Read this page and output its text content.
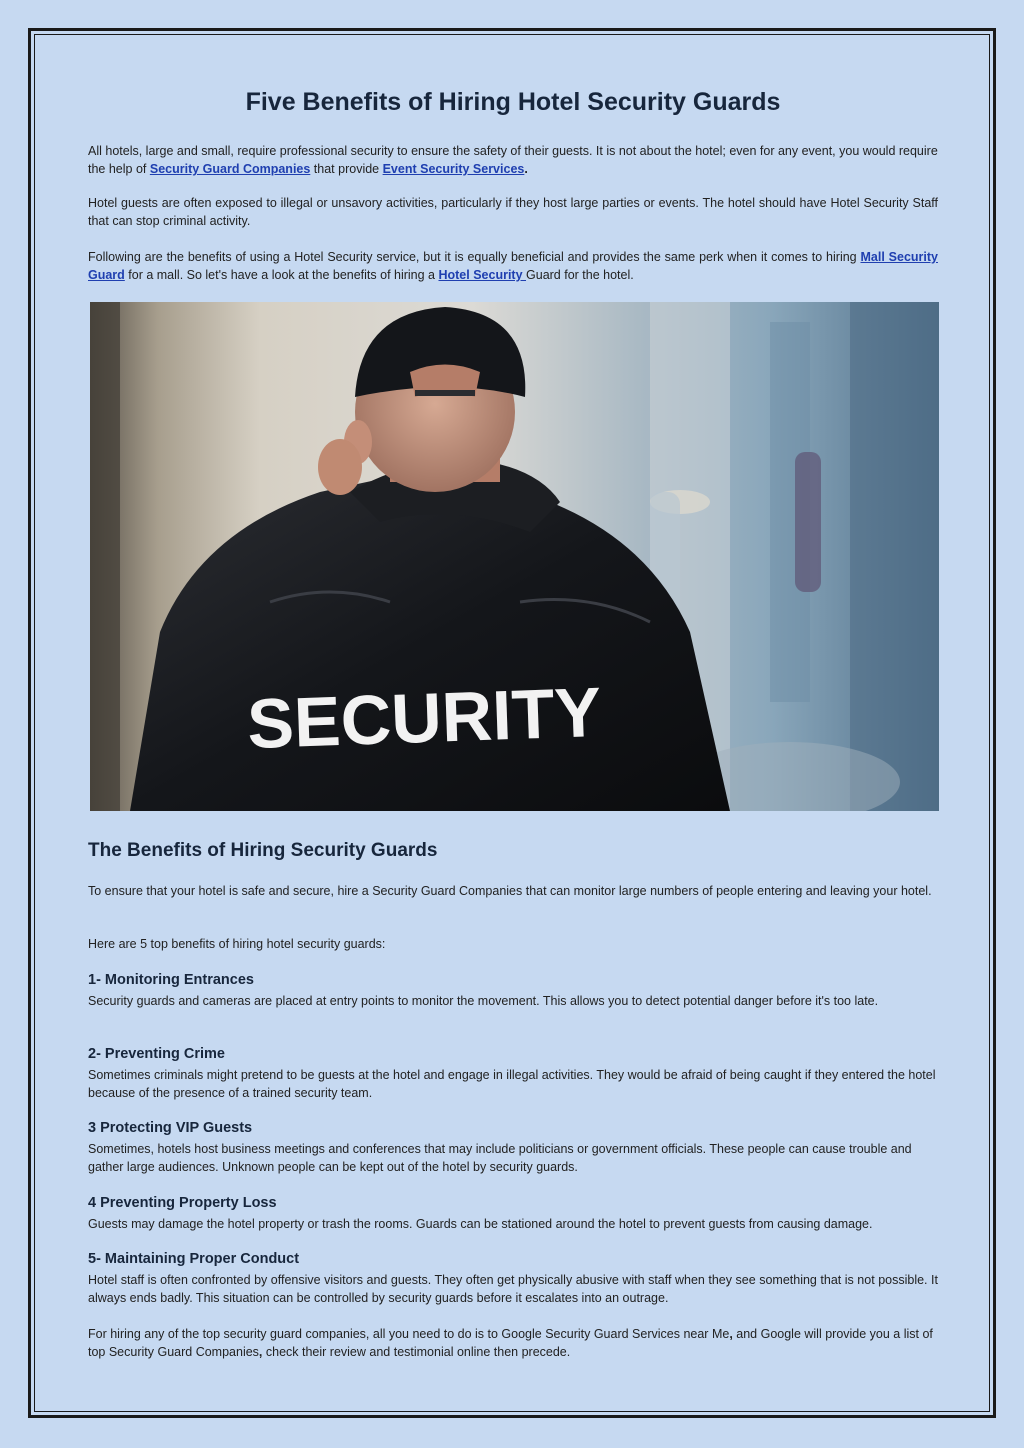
Five Benefits of Hiring Hotel Security Guards

All hotels, large and small, require professional security to ensure the safety of their guests. It is not about the hotel; even for any event, you would require the help of Security Guard Companies that provide Event Security Services.

Hotel guests are often exposed to illegal or unsavory activities, particularly if they host large parties or events. The hotel should have Hotel Security Staff that can stop criminal activity.

Following are the benefits of using a Hotel Security service, but it is equally beneficial and provides the same perk when it comes to hiring Mall Security Guard for a mall. So let's have a look at the benefits of hiring a Hotel Security Guard for the hotel.

The Benefits of Hiring Security Guards

To ensure that your hotel is safe and secure, hire a Security Guard Companies that can monitor large numbers of people entering and leaving your hotel.

Here are 5 top benefits of hiring hotel security guards:

1- Monitoring Entrances

Security guards and cameras are placed at entry points to monitor the movement. This allows you to detect potential danger before it's too late.

2- Preventing Crime

Sometimes criminals might pretend to be guests at the hotel and engage in illegal activities. They would be afraid of being caught if they entered the hotel because of the presence of a trained security team.

3 Protecting VIP Guests

Sometimes, hotels host business meetings and conferences that may include politicians or government officials. These people can cause trouble and gather large audiences. Unknown people can be kept out of the hotel by security guards.

4 Preventing Property Loss

Guests may damage the hotel property or trash the rooms. Guards can be stationed around the hotel to prevent guests from causing damage.

5- Maintaining Proper Conduct

Hotel staff is often confronted by offensive visitors and guests. They often get physically abusive with staff when they see something that is not possible. It always ends badly. This situation can be controlled by security guards before it escalates into an outrage.

For hiring any of the top security guard companies, all you need to do is to Google Security Guard Services near Me, and Google will provide you a list of top Security Guard Companies, check their review and testimonial online then precede.

SECURITY
